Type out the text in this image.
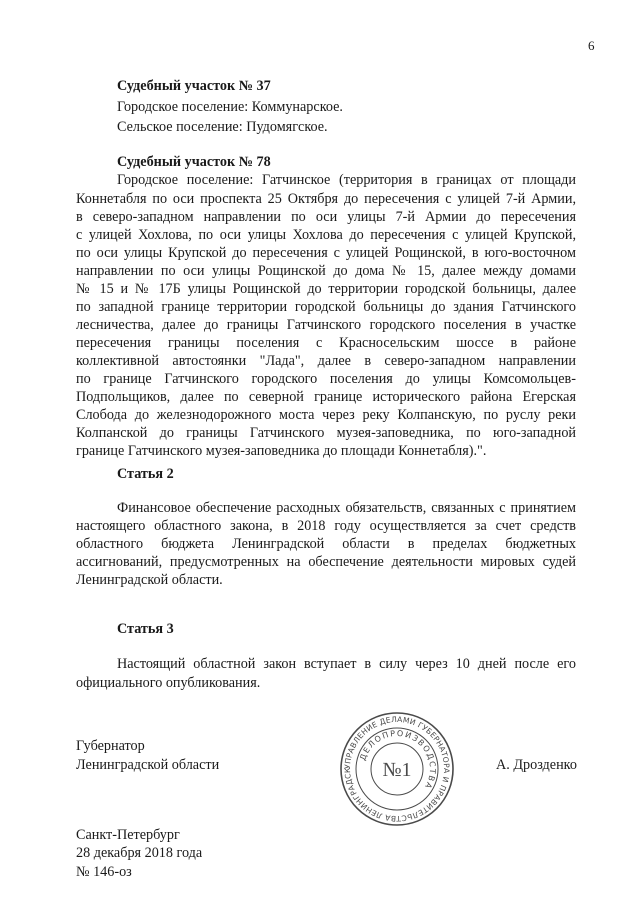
6
Судебный участок № 37
Городское поселение: Коммунарское.
Сельское поселение: Пудомягское.
Судебный участок № 78
Городское поселение: Гатчинское (территория в границах от площади
Коннетабля по оси проспекта 25 Октября до пересечения с улицей 7-й Армии,
в северо-западном направлении по оси улицы 7-й Армии до пересечения
с улицей Хохлова, по оси улицы Хохлова до пересечения с улицей Крупской,
по оси улицы Крупской до пересечения с улицей Рощинской, в юго-восточном
направлении по оси улицы Рощинской до дома № 15, далее между домами
№ 15 и № 17Б улицы Рощинской до территории городской больницы, далее
по западной границе территории городской больницы до здания Гатчинского
лесничества, далее до границы Гатчинского городского поселения в участке
пересечения границы поселения с Красносельским шоссе в районе
коллективной автостоянки "Лада", далее в северо-западном направлении
по границе Гатчинского городского поселения до улицы Комсомольцев-
Подпольщиков, далее по северной границе исторического района Егерская
Слобода до железнодорожного моста через реку Колпанскую, по руслу реки
Колпанской до границы Гатчинского музея-заповедника, по юго-западной
границе Гатчинского музея-заповедника до площади Коннетабля).".
Статья 2
Финансовое обеспечение расходных обязательств, связанных с принятием
настоящего областного закона, в 2018 году осуществляется за счет средств
областного бюджета Ленинградской области в пределах бюджетных
ассигнований, предусмотренных на обеспечение деятельности мировых судей
Ленинградской области.
Статья 3
Настоящий областной закон вступает в силу через 10 дней после его
официального опубликования.
Губернатор
Ленинградской области	А. Дрозденко
УПРАВЛЕНИЕ ДЕЛАМИ ГУБЕРНАТОРА И ПРАВИТЕЛЬСТВА ЛЕНИНГРАДСК
ДЕЛОПРОИЗВОДСТВА
№1
Санкт-Петербург
28 декабря 2018 года
№ 146-оз
